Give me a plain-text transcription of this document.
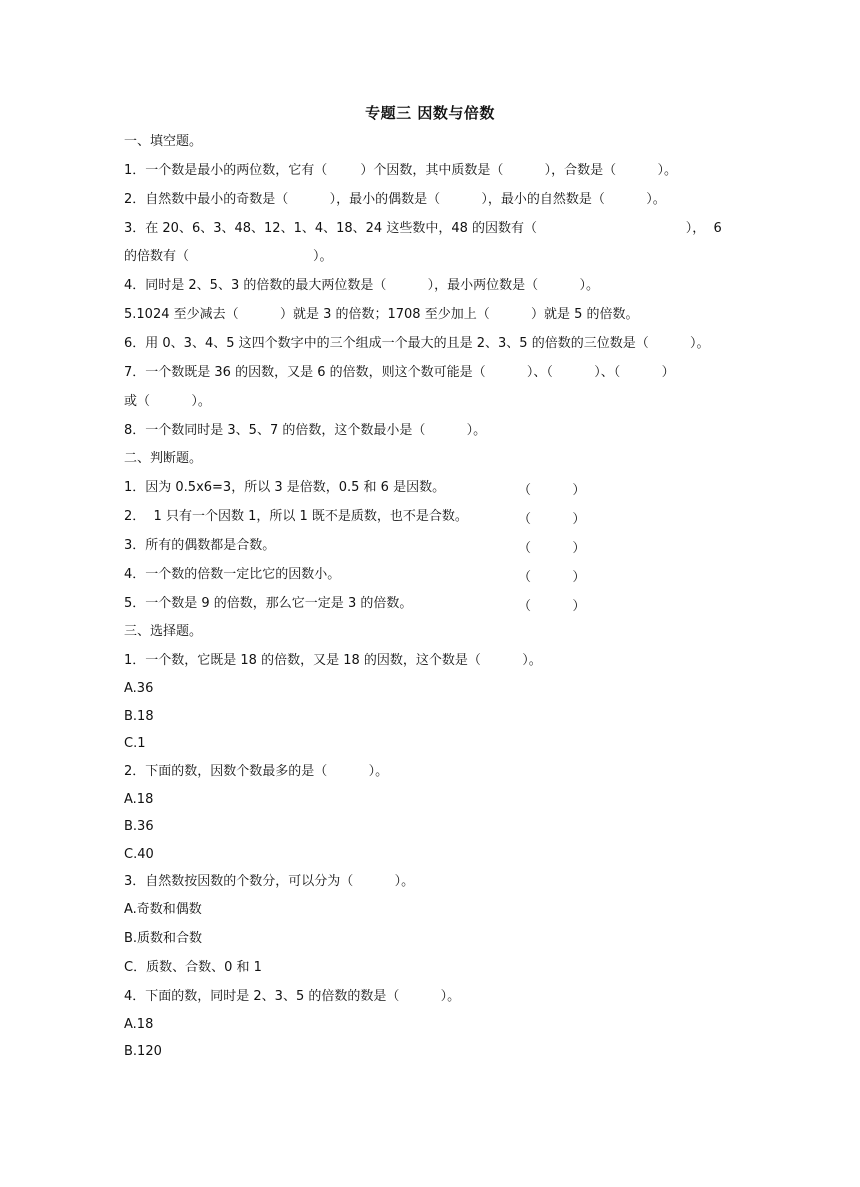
专题三 因数与倍数
一、填空题。
1．一个数是最小的两位数，它有（        ）个因数，其中质数是（          ），合数是（          ）。
2．自然数中最小的奇数是（          ），最小的偶数是（          ），最小的自然数是（          ）。
3．在 20、6、3、48、12、1、4、18、24 这些数中，48 的因数有（                                    ），  6
的倍数有（                              ）。
4．同时是 2、5、3 的倍数的最大两位数是（          ），最小两位数是（          ）。
5.1024 至少减去（          ）就是 3 的倍数；1708 至少加上（          ）就是 5 的倍数。
6．用 0、3、4、5 这四个数字中的三个组成一个最大的且是 2、3、5 的倍数的三位数是（          ）。
7．一个数既是 36 的因数，又是 6 的倍数，则这个数可能是（          ）、（          ）、（          ）
或（          ）。
8．一个数同时是 3、5、7 的倍数，这个数最小是（          ）。
二、判断题。
1．因为 0.5x6=3，所以 3 是倍数，0.5 和 6 是因数。	（          ）
2．  1 只有一个因数 1，所以 1 既不是质数，也不是合数。	（          ）
3．所有的偶数都是合数。	（          ）
4．一个数的倍数一定比它的因数小。	（          ）
5．一个数是 9 的倍数，那么它一定是 3 的倍数。	（          ）
三、选择题。
1．一个数，它既是 18 的倍数，又是 18 的因数，这个数是（          ）。
A.36
B.18
C.1
2．下面的数，因数个数最多的是（          ）。
A.18
B.36
C.40
3．自然数按因数的个数分，可以分为（          ）。
A.奇数和偶数
B.质数和合数
C．质数、合数、0 和 1
4．下面的数，同时是 2、3、5 的倍数的数是（          ）。
A.18
B.120
